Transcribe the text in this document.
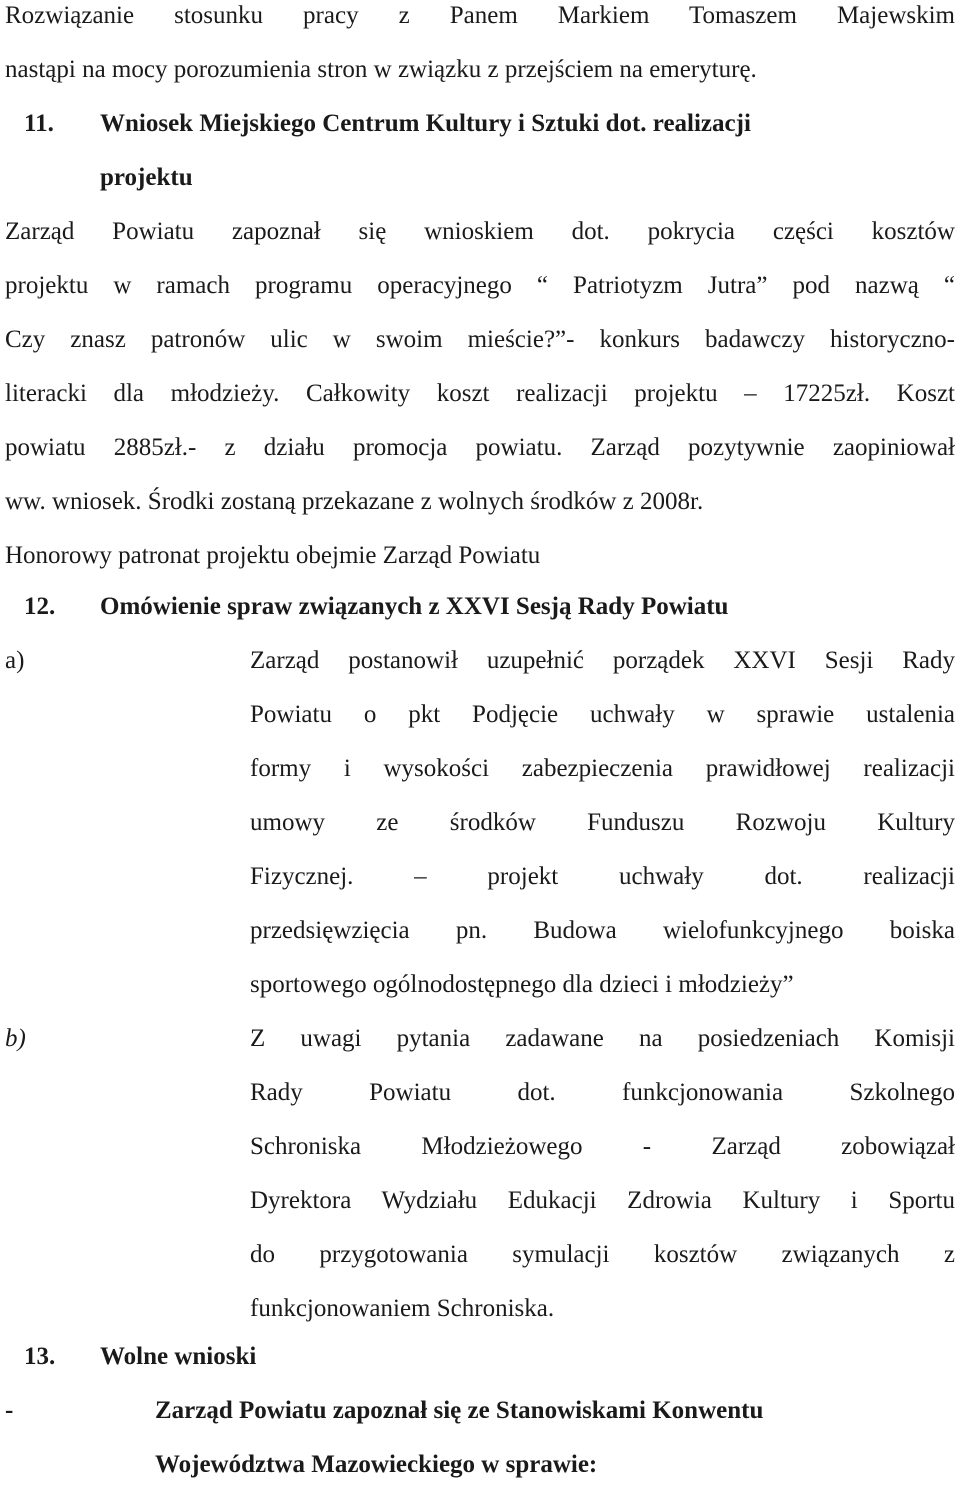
Rozwiązanie stosunku pracy z Panem Markiem Tomaszem Majewskim
nastąpi na mocy porozumienia stron w związku z przejściem na emeryturę.
11. Wniosek Miejskiego Centrum Kultury i Sztuki dot. realizacji
projektu
Zarząd Powiatu zapoznał się wnioskiem dot. pokrycia części kosztów
projektu w ramach programu operacyjnego “ Patriotyzm Jutra” pod nazwą “
Czy znasz patronów ulic w swoim mieście?”- konkurs badawczy historyczno-
literacki dla młodzieży. Całkowity koszt realizacji projektu – 17225zł. Koszt
powiatu 2885zł.- z działu promocja powiatu. Zarząd pozytywnie zaopiniował
ww. wniosek. Środki zostaną przekazane z wolnych środków z 2008r.
Honorowy patronat projektu obejmie Zarząd Powiatu
12. Omówienie spraw związanych z XXVI Sesją Rady Powiatu
a)	Zarząd postanowił uzupełnić porządek XXVI Sesji Rady
Powiatu o pkt Podjęcie uchwały w sprawie ustalenia
formy i wysokości zabezpieczenia prawidłowej realizacji
umowy ze środków Funduszu Rozwoju Kultury
Fizycznej. – projekt uchwały dot. realizacji
przedsięwzięcia pn. Budowa wielofunkcyjnego boiska
sportowego ogólnodostępnego dla dzieci i młodzieży”
b)	Z uwagi pytania zadawane na posiedzeniach Komisji
Rady Powiatu dot. funkcjonowania Szkolnego
Schroniska Młodzieżowego - Zarząd zobowiązał
Dyrektora Wydziału Edukacji Zdrowia Kultury i Sportu
do przygotowania symulacji kosztów związanych z
funkcjonowaniem Schroniska.
13. Wolne wnioski
-	Zarząd Powiatu zapoznał się ze Stanowiskami Konwentu
Województwa Mazowieckiego w sprawie:
